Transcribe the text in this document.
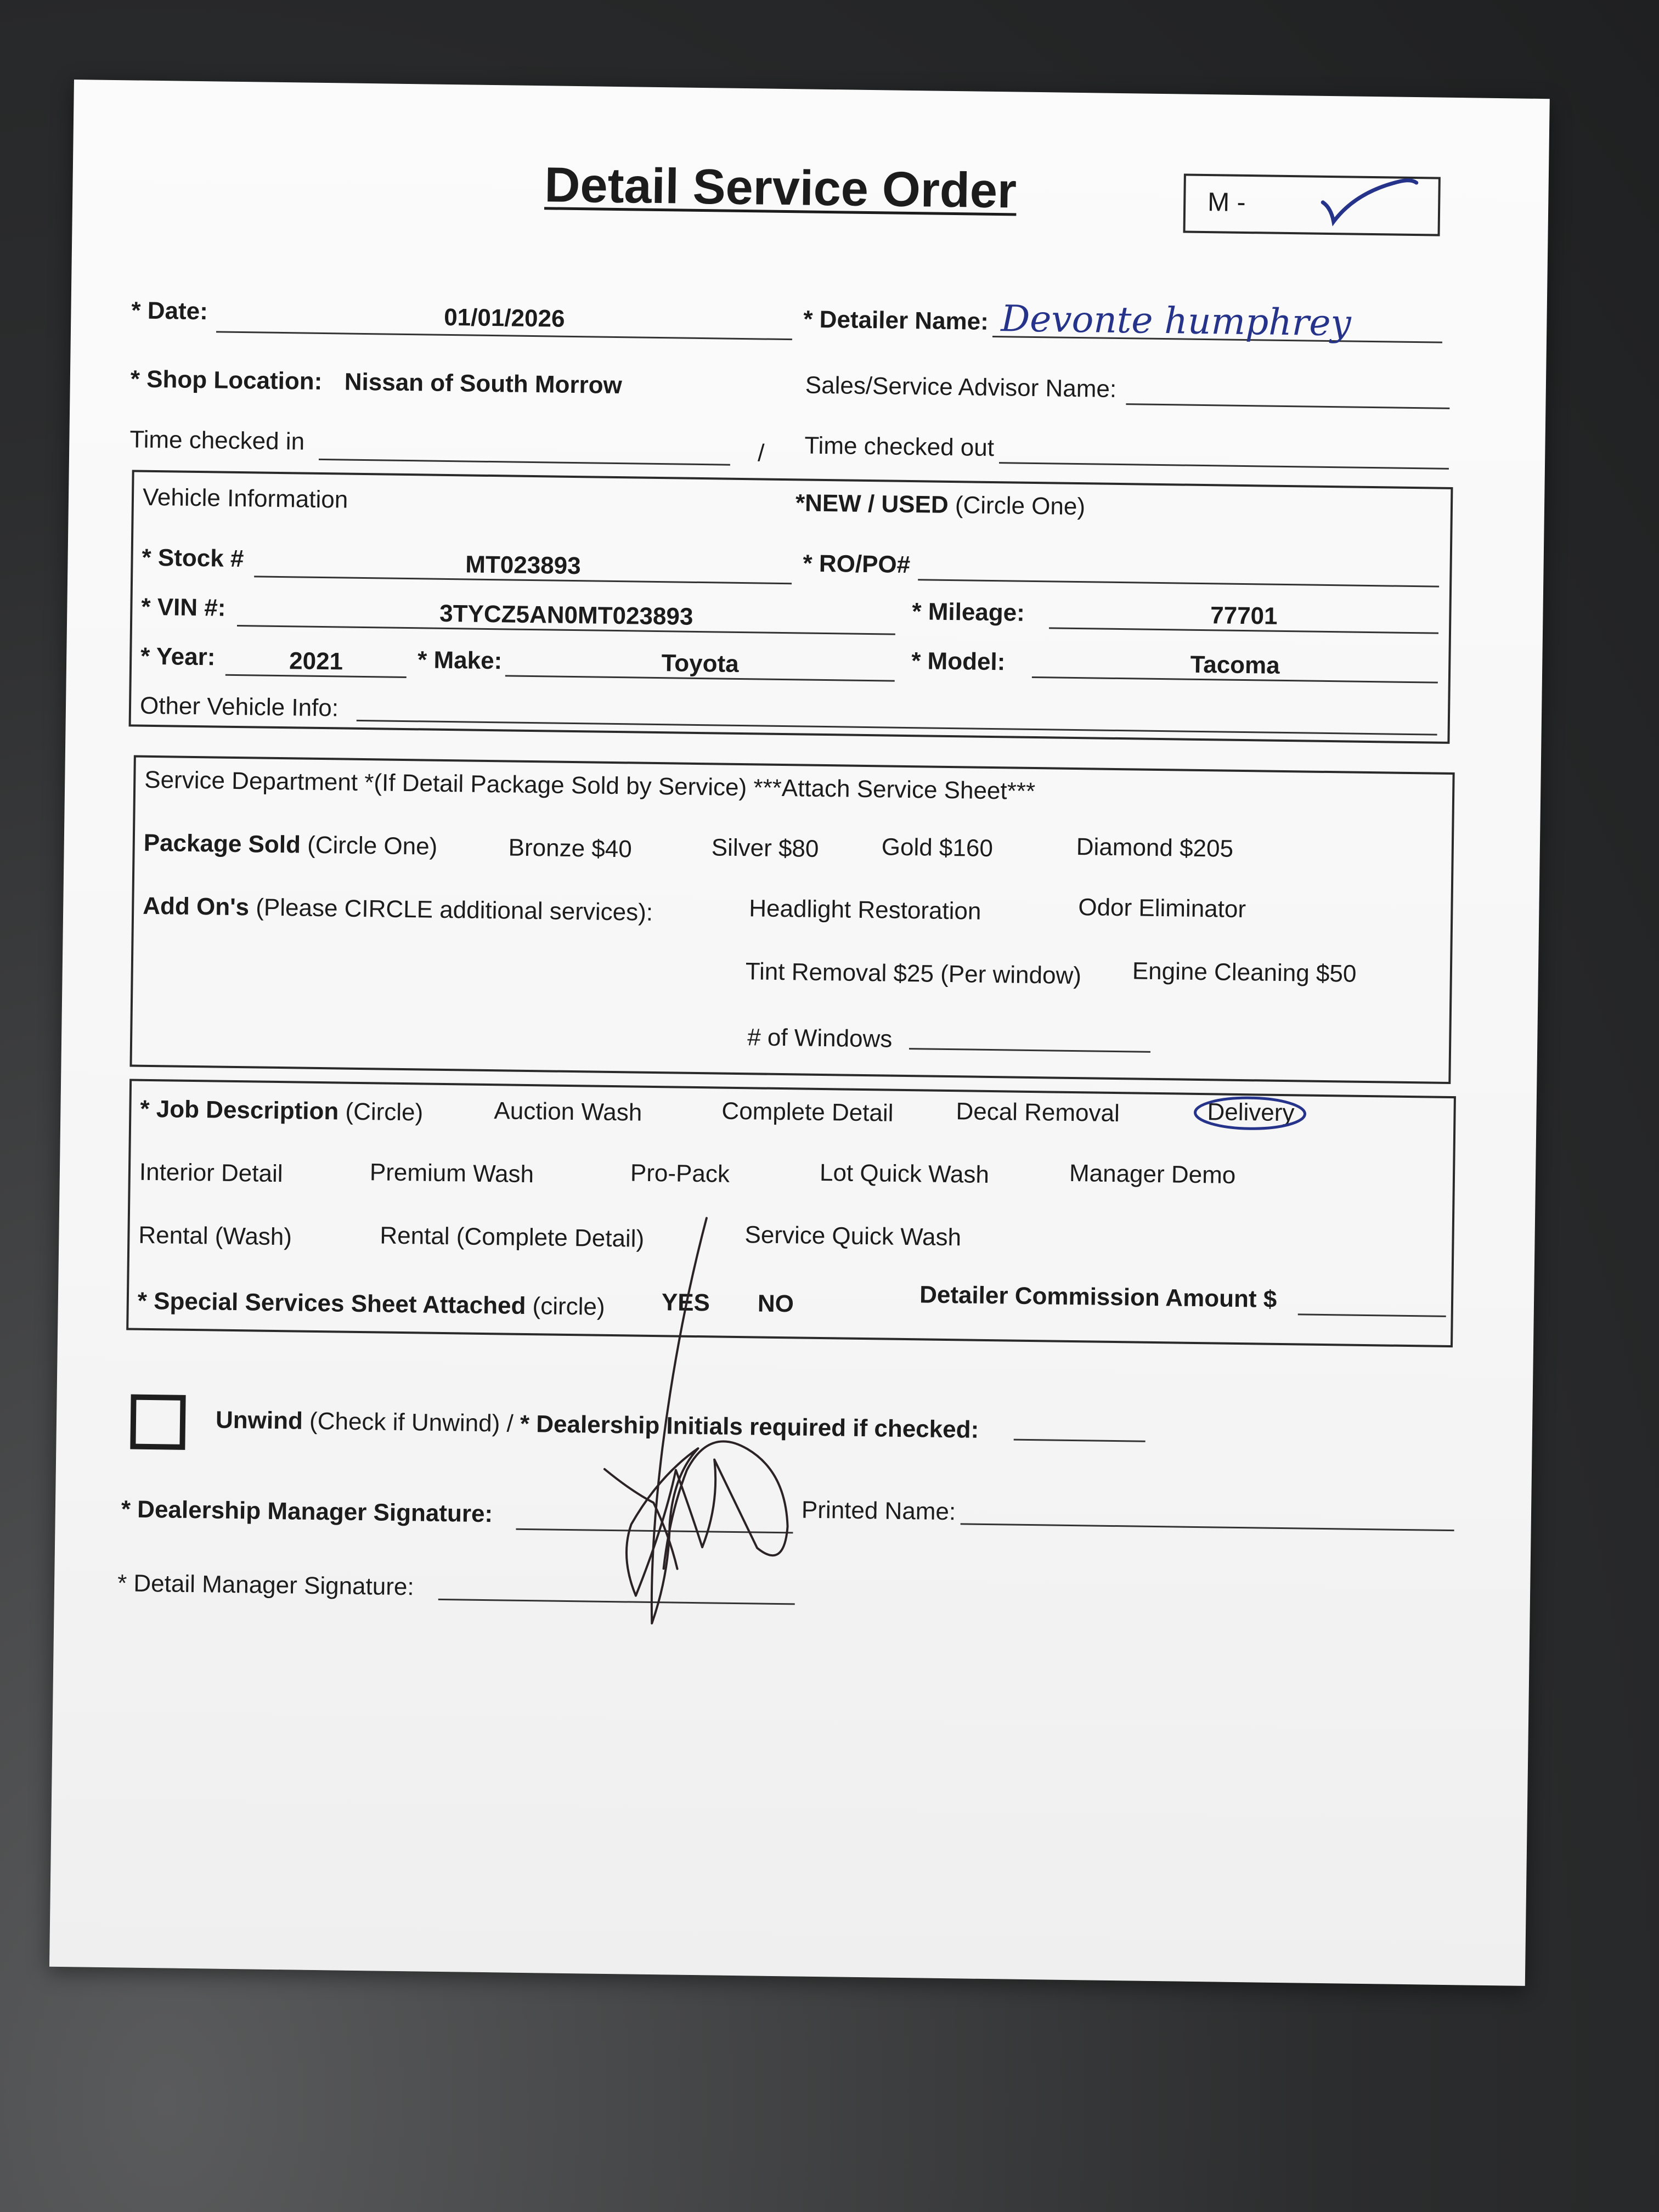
Detail Service Order	M -
* Date:	01/01/2026	* Detailer Name: Devonte humphrey
* Shop Location: Nissan of South Morrow	Sales/Service Advisor Name:
Time checked in	/ Time checked out
Vehicle Information	*NEW / USED (Circle One)
* Stock #	MT023893	* RO/PO#
* VIN #:	3TYCZ5AN0MT023893	* Mileage:	77701
* Year:	2021	* Make:	Toyota	* Model:	Tacoma
Other Vehicle Info:
Service Department *(If Detail Package Sold by Service) ***Attach Service Sheet***
Package Sold (Circle One)	Bronze $40	Silver $80	Gold $160	Diamond $205
Add On's (Please CIRCLE additional services):	Headlight Restoration	Odor Eliminator
Tint Removal $25 (Per window) Engine Cleaning $50
# of Windows
* Job Description (Circle)	Auction Wash	Complete Detail	Decal Removal	Delivery
Interior Detail	Premium Wash	Pro-Pack	Lot Quick Wash	Manager Demo
Rental (Wash)	Rental (Complete Detail)	Service Quick Wash
* Special Services Sheet Attached (circle) YES NO	Detailer Commission Amount $
Unwind (Check if Unwind) / * Dealership Initials required if checked:
* Dealership Manager Signature:	Printed Name:
* Detail Manager Signature:
